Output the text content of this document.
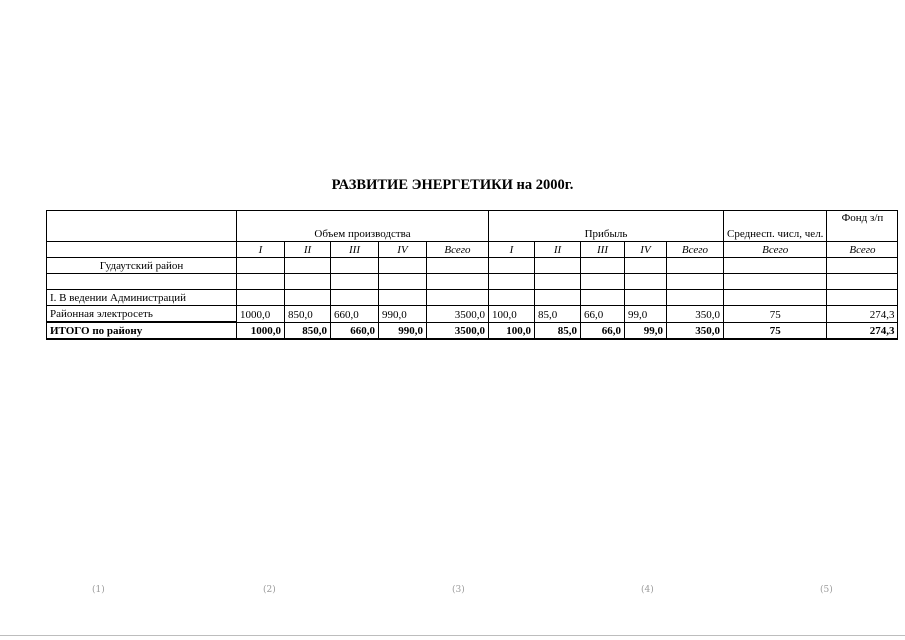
РАЗВИТИЕ ЭНЕРГЕТИКИ на 2000г.
	Объем производства					Прибыль					Среднесп. числ, чел.	Фонд з/п
	I	II	III	IV	Всего	I	II	III	IV	Всего	Всего	Всего
Гудаутский район												

I. В ведении Администраций												
Районная электросеть	1000,0	850,0	660,0	990,0	3500,0	100,0	85,0	66,0	99,0	350,0	75	274,3
ИТОГО по району	1000,0	850,0	660,0	990,0	3500,0	100,0	85,0	66,0	99,0	350,0	75	274,3
(1)	(2)	(3)	(4)	(5)
